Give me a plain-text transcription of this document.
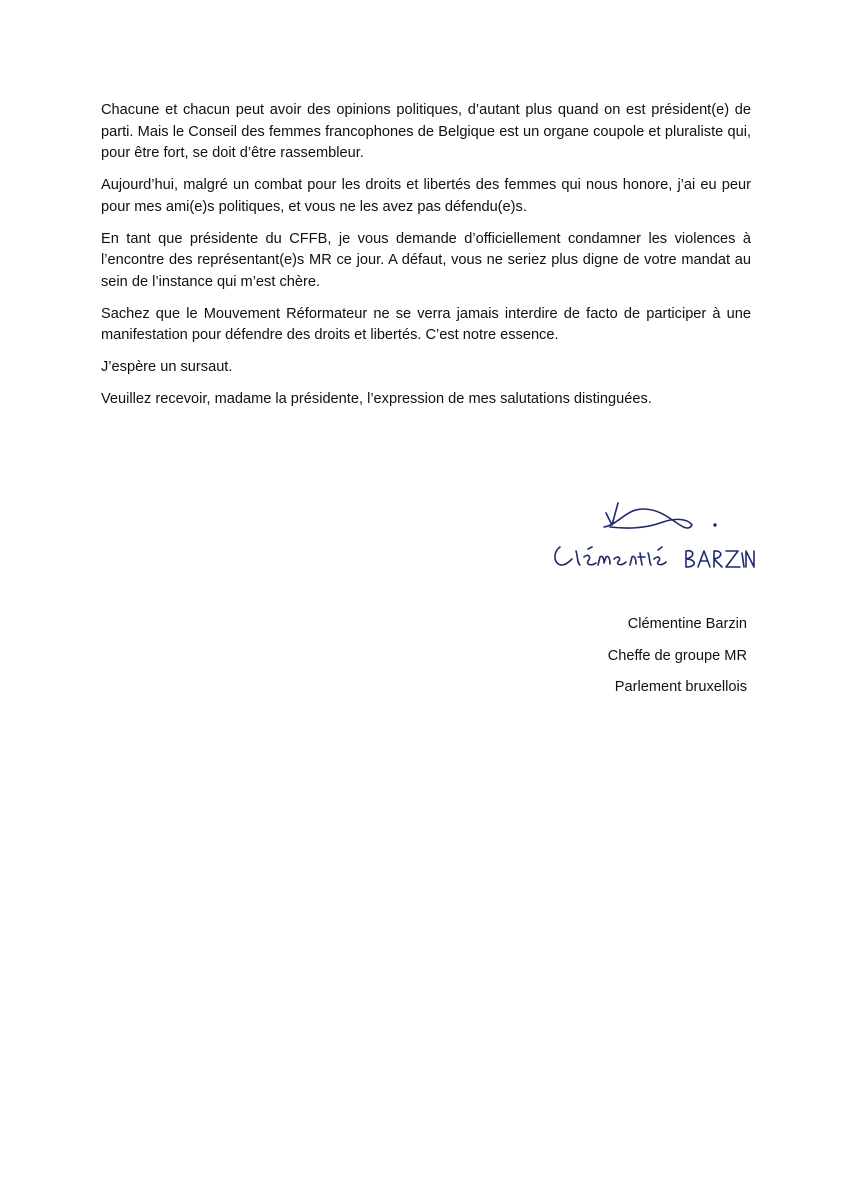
Chacune et chacun peut avoir des opinions politiques, d’autant plus quand on est président(e) de parti. Mais le Conseil des femmes francophones de Belgique est un organe coupole et pluraliste qui, pour être fort, se doit d’être rassembleur.

Aujourd’hui, malgré un combat pour les droits et libertés des femmes qui nous honore, j’ai eu peur pour mes ami(e)s politiques, et vous ne les avez pas défendu(e)s.

En tant que présidente du CFFB, je vous demande d’officiellement condamner les violences à l’encontre des représentant(e)s MR ce jour. A défaut, vous ne seriez plus digne de votre mandat au sein de l’instance qui m’est chère.

Sachez que le Mouvement Réformateur ne se verra jamais interdire de facto de participer à une manifestation pour défendre des droits et libertés. C’est notre essence.

J’espère un sursaut.

Veuillez recevoir, madame la présidente, l’expression de mes salutations distinguées.

Clémentine Barzin
Cheffe de groupe MR
Parlement bruxellois
